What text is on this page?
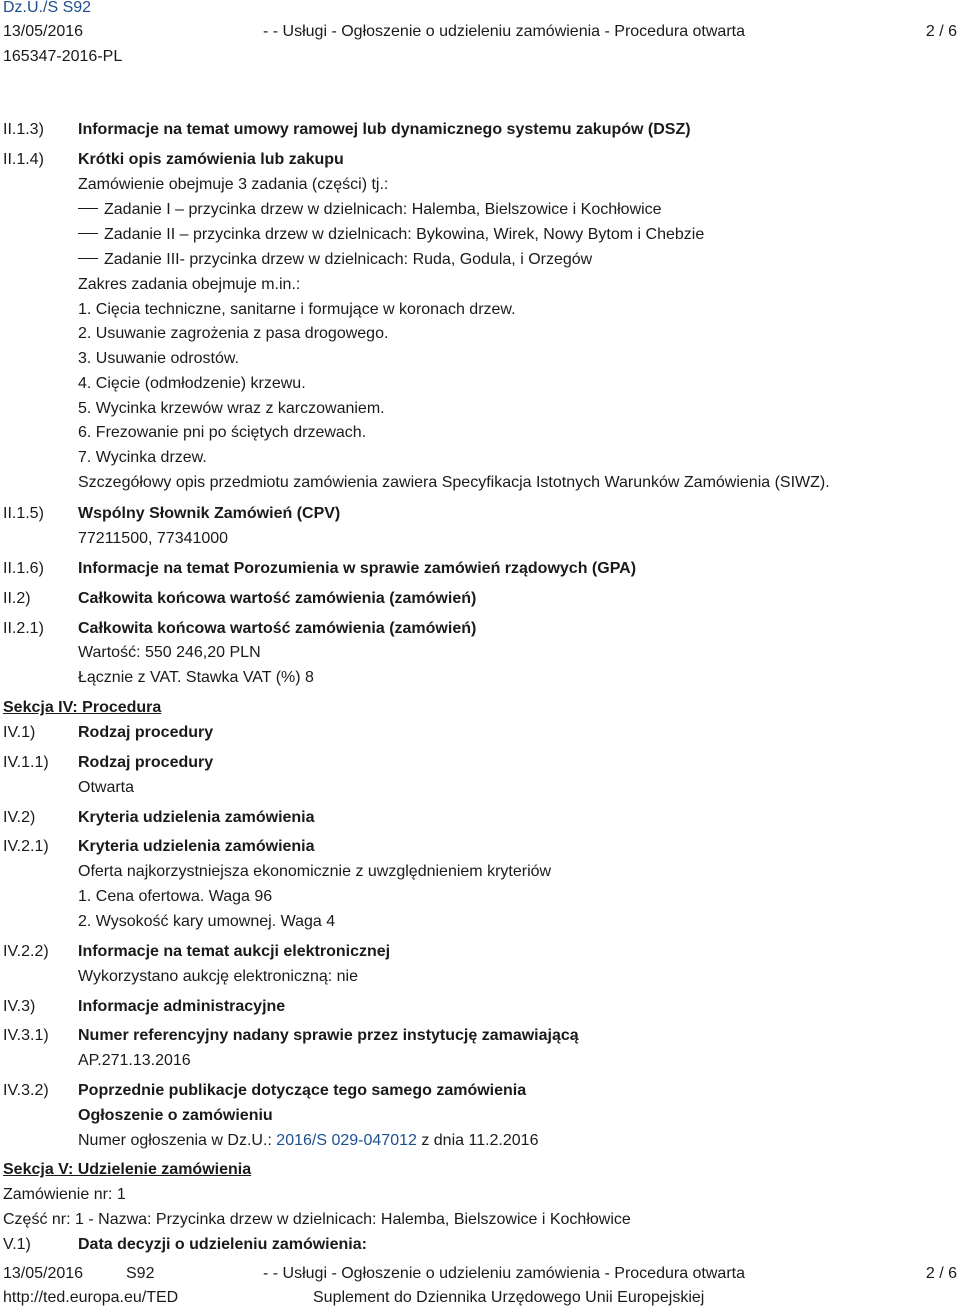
Dz.U./S S92
13/05/2016
165347-2016-PL
- - Usługi - Ogłoszenie o udzieleniu zamówienia - Procedura otwarta	2 / 6
II.1.3) Informacje na temat umowy ramowej lub dynamicznego systemu zakupów (DSZ)
II.1.4) Krótki opis zamówienia lub zakupu
Zamówienie obejmuje 3 zadania (części) tj.:
Zadanie I – przycinka drzew w dzielnicach: Halemba, Bielszowice i Kochłowice
Zadanie II – przycinka drzew w dzielnicach: Bykowina, Wirek, Nowy Bytom i Chebzie
Zadanie III- przycinka drzew w dzielnicach: Ruda, Godula, i Orzegów
Zakres zadania obejmuje m.in.:
1. Cięcia techniczne, sanitarne i formujące w koronach drzew.
2. Usuwanie zagrożenia z pasa drogowego.
3. Usuwanie odrostów.
4. Cięcie (odmłodzenie) krzewu.
5. Wycinka krzewów wraz z karczowaniem.
6. Frezowanie pni po ściętych drzewach.
7. Wycinka drzew.
Szczegółowy opis przedmiotu zamówienia zawiera Specyfikacja Istotnych Warunków Zamówienia (SIWZ).
II.1.5) Wspólny Słownik Zamówień (CPV)
77211500, 77341000
II.1.6) Informacje na temat Porozumienia w sprawie zamówień rządowych (GPA)
II.2)	Całkowita końcowa wartość zamówienia (zamówień)
II.2.1) Całkowita końcowa wartość zamówienia (zamówień)
Wartość: 550 246,20 PLN
Łącznie z VAT. Stawka VAT (%) 8
Sekcja IV: Procedura
IV.1)	Rodzaj procedury
IV.1.1) Rodzaj procedury
Otwarta
IV.2)	Kryteria udzielenia zamówienia
IV.2.1) Kryteria udzielenia zamówienia
Oferta najkorzystniejsza ekonomicznie z uwzględnieniem kryteriów
1. Cena ofertowa. Waga 96
2. Wysokość kary umownej. Waga 4
IV.2.2) Informacje na temat aukcji elektronicznej
Wykorzystano aukcję elektroniczną: nie
IV.3)	Informacje administracyjne
IV.3.1) Numer referencyjny nadany sprawie przez instytucję zamawiającą
AP.271.13.2016
IV.3.2) Poprzednie publikacje dotyczące tego samego zamówienia
Ogłoszenie o zamówieniu
Numer ogłoszenia w Dz.U.: 2016/S 029-047012 z dnia 11.2.2016
Sekcja V: Udzielenie zamówienia
Zamówienie nr: 1
Część nr: 1 - Nazwa: Przycinka drzew w dzielnicach: Halemba, Bielszowice i Kochłowice
V.1)	Data decyzji o udzieleniu zamówienia:
13/05/2016	S92	- - Usługi - Ogłoszenie o udzieleniu zamówienia - Procedura otwarta	2 / 6
http://ted.europa.eu/TED	Suplement do Dziennika Urzędowego Unii Europejskiej
